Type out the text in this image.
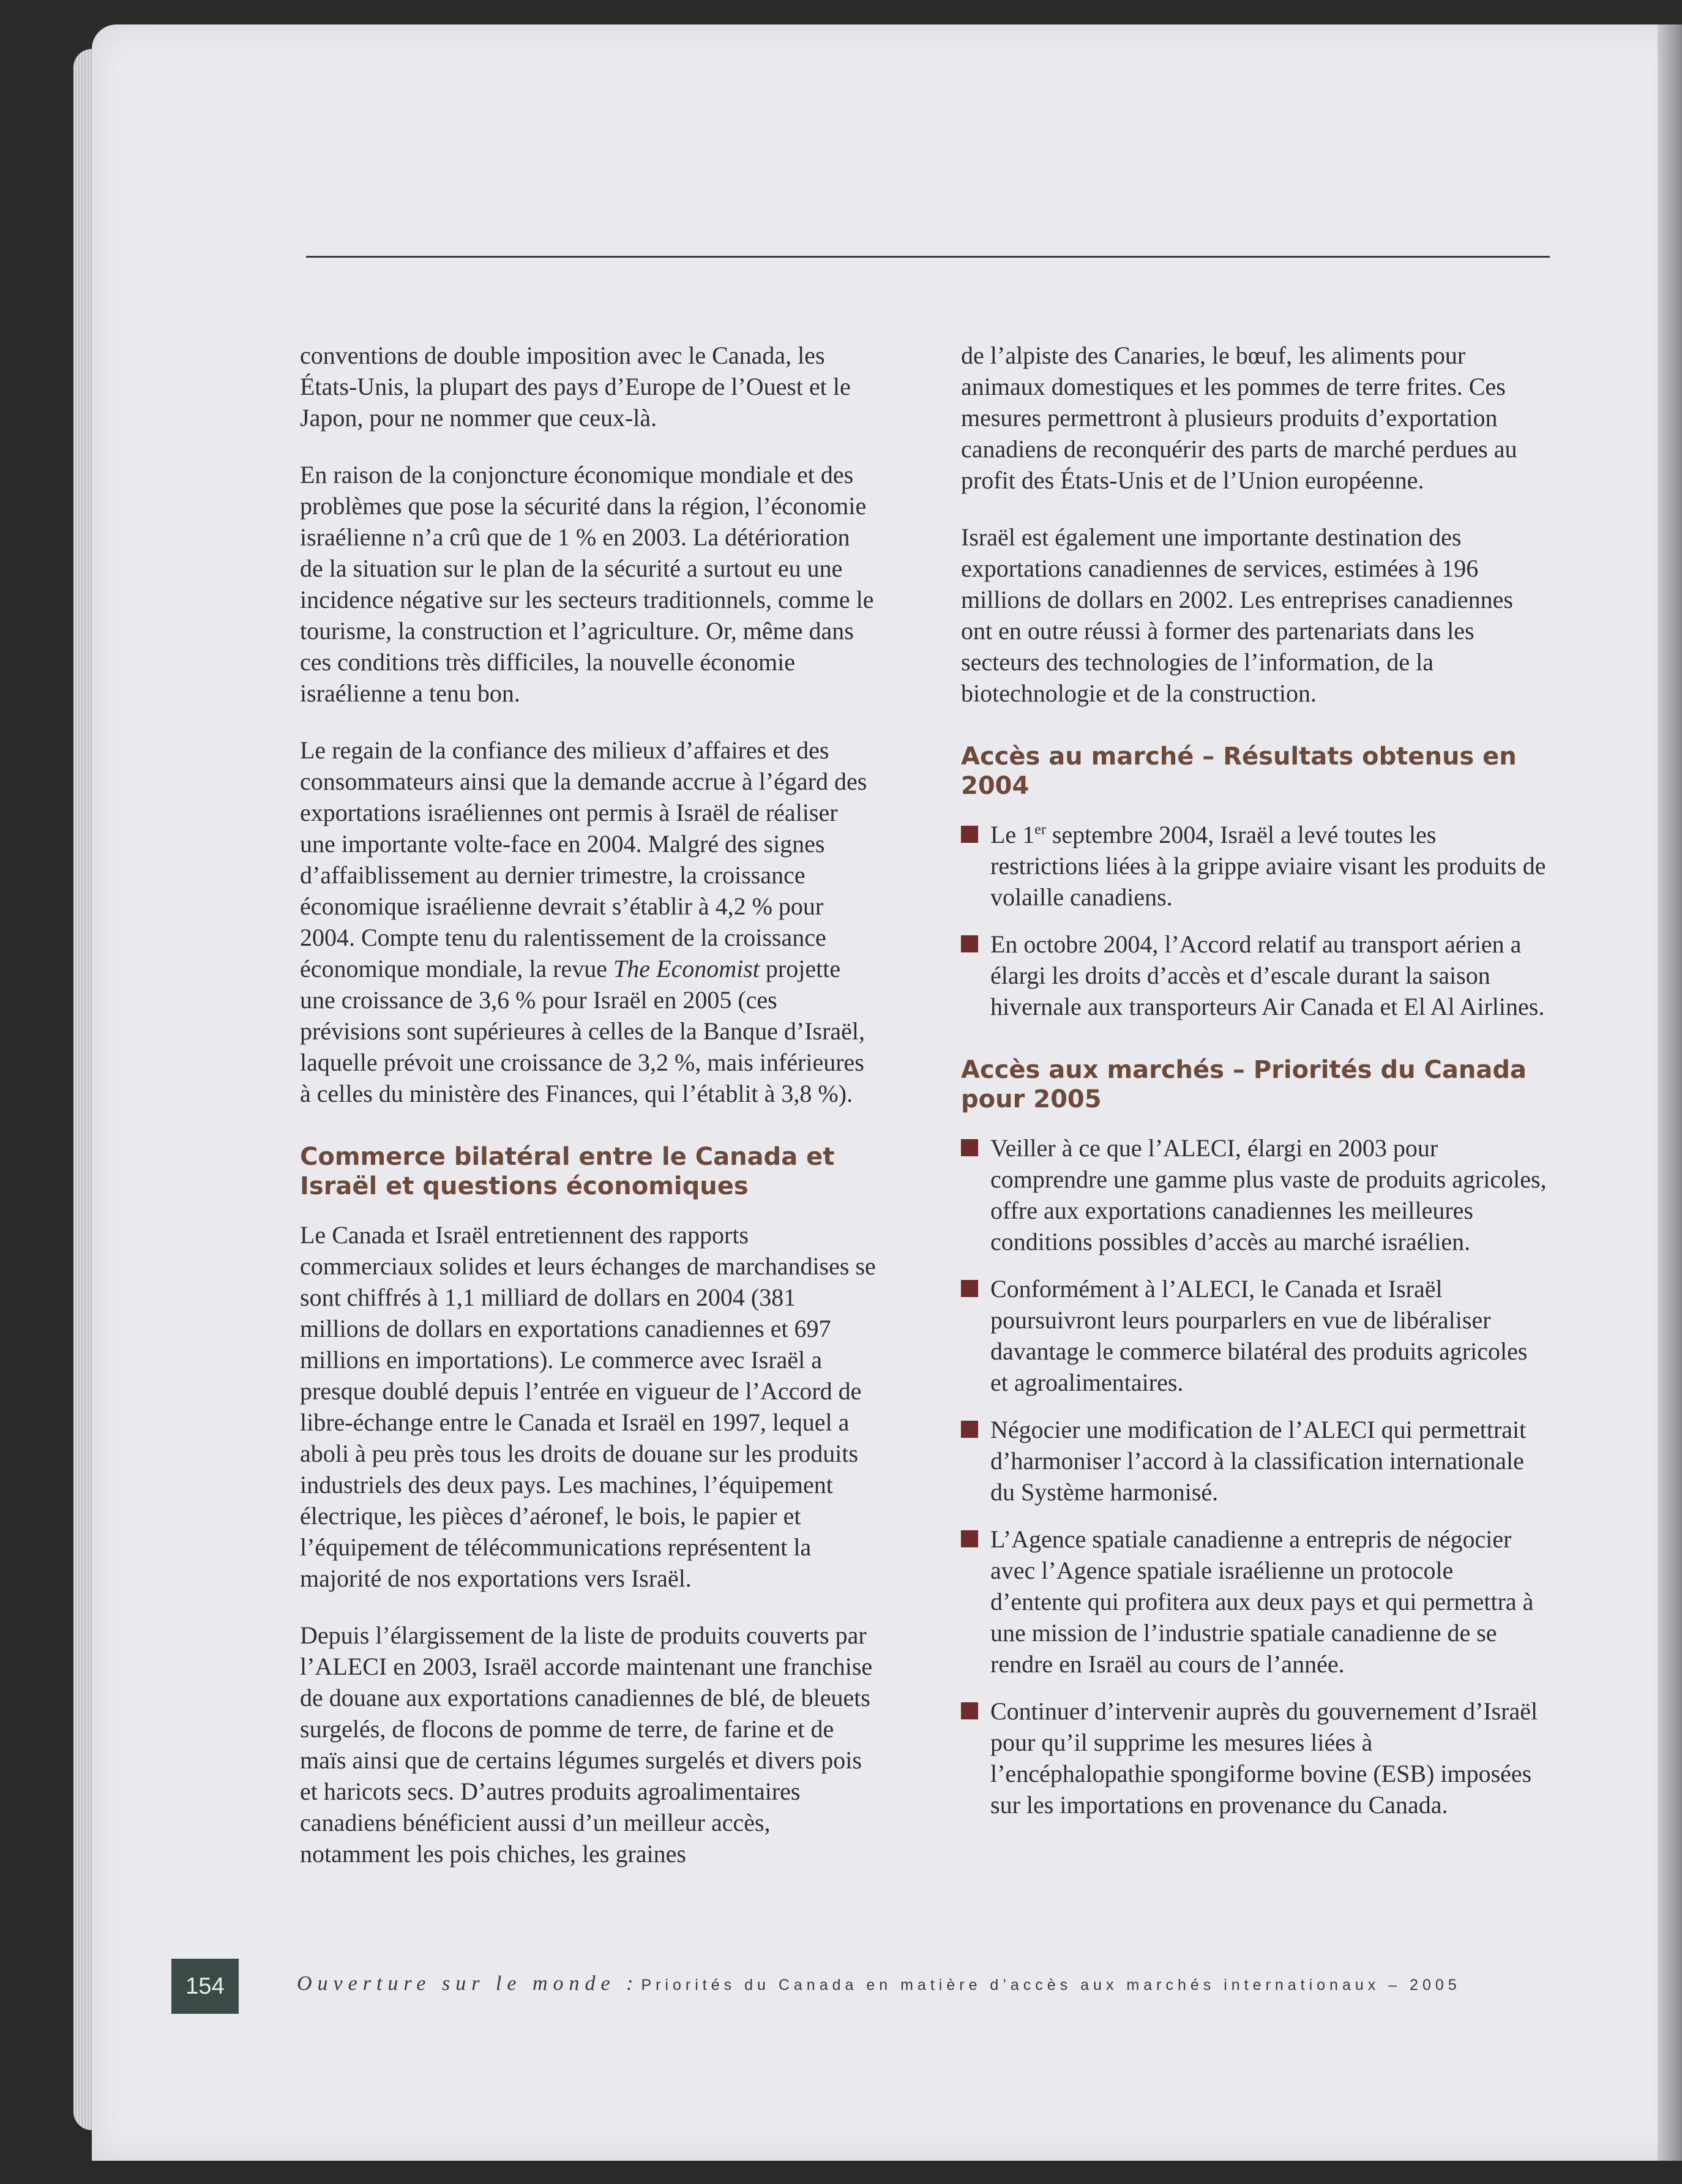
conventions de double imposition avec le Canada, les États-Unis, la plupart des pays d’Europe de l’Ouest et le Japon, pour ne nommer que ceux-là.

En raison de la conjoncture économique mondiale et des problèmes que pose la sécurité dans la région, l’économie israélienne n’a crû que de 1 % en 2003. La détérioration de la situation sur le plan de la sécurité a surtout eu une incidence négative sur les secteurs traditionnels, comme le tourisme, la construction et l’agriculture. Or, même dans ces conditions très difficiles, la nouvelle économie israélienne a tenu bon.

Le regain de la confiance des milieux d’affaires et des consommateurs ainsi que la demande accrue à l’égard des exportations israéliennes ont permis à Israël de réaliser une importante volte-face en 2004. Malgré des signes d’affaiblissement au dernier trimestre, la croissance économique israélienne devrait s’établir à 4,2 % pour 2004. Compte tenu du ralentissement de la croissance économique mondiale, la revue The Economist projette une croissance de 3,6 % pour Israël en 2005 (ces prévisions sont supérieures à celles de la Banque d’Israël, laquelle prévoit une croissance de 3,2 %, mais inférieures à celles du ministère des Finances, qui l’établit à 3,8 %).

Commerce bilatéral entre le Canada et Israël et questions économiques

Le Canada et Israël entretiennent des rapports commerciaux solides et leurs échanges de marchandises se sont chiffrés à 1,1 milliard de dollars en 2004 (381 millions de dollars en exportations canadiennes et 697 millions en importations). Le commerce avec Israël a presque doublé depuis l’entrée en vigueur de l’Accord de libre-échange entre le Canada et Israël en 1997, lequel a aboli à peu près tous les droits de douane sur les produits industriels des deux pays. Les machines, l’équipement électrique, les pièces d’aéronef, le bois, le papier et l’équipement de télécommunications représentent la majorité de nos exportations vers Israël.

Depuis l’élargissement de la liste de produits couverts par l’ALECI en 2003, Israël accorde maintenant une franchise de douane aux exportations canadiennes de blé, de bleuets surgelés, de flocons de pomme de terre, de farine et de maïs ainsi que de certains légumes surgelés et divers pois et haricots secs. D’autres produits agroalimentaires canadiens bénéficient aussi d’un meilleur accès, notamment les pois chiches, les graines

de l’alpiste des Canaries, le bœuf, les aliments pour animaux domestiques et les pommes de terre frites. Ces mesures permettront à plusieurs produits d’exportation canadiens de reconquérir des parts de marché perdues au profit des États-Unis et de l’Union européenne.

Israël est également une importante destination des exportations canadiennes de services, estimées à 196 millions de dollars en 2002. Les entreprises canadiennes ont en outre réussi à former des partenariats dans les secteurs des technologies de l’information, de la biotechnologie et de la construction.

Accès au marché – Résultats obtenus en 2004
Le 1er septembre 2004, Israël a levé toutes les restrictions liées à la grippe aviaire visant les produits de volaille canadiens.
En octobre 2004, l’Accord relatif au transport aérien a élargi les droits d’accès et d’escale durant la saison hivernale aux transporteurs Air Canada et El Al Airlines.
Accès aux marchés – Priorités du Canada pour 2005
Veiller à ce que l’ALECI, élargi en 2003 pour comprendre une gamme plus vaste de produits agricoles, offre aux exportations canadiennes les meilleures conditions possibles d’accès au marché israélien.
Conformément à l’ALECI, le Canada et Israël poursuivront leurs pourparlers en vue de libéraliser davantage le commerce bilatéral des produits agricoles et agroalimentaires.
Négocier une modification de l’ALECI qui permettrait d’harmoniser l’accord à la classification internationale du Système harmonisé.
L’Agence spatiale canadienne a entrepris de négocier avec l’Agence spatiale israélienne un protocole d’entente qui profitera aux deux pays et qui permettra à une mission de l’industrie spatiale canadienne de se rendre en Israël au cours de l’année.
Continuer d’intervenir auprès du gouvernement d’Israël pour qu’il supprime les mesures liées à l’encéphalopathie spongiforme bovine (ESB) imposées sur les importations en provenance du Canada.
154	Ouverture sur le monde : Priorités du Canada en matière d’accès aux marchés internationaux – 2005
